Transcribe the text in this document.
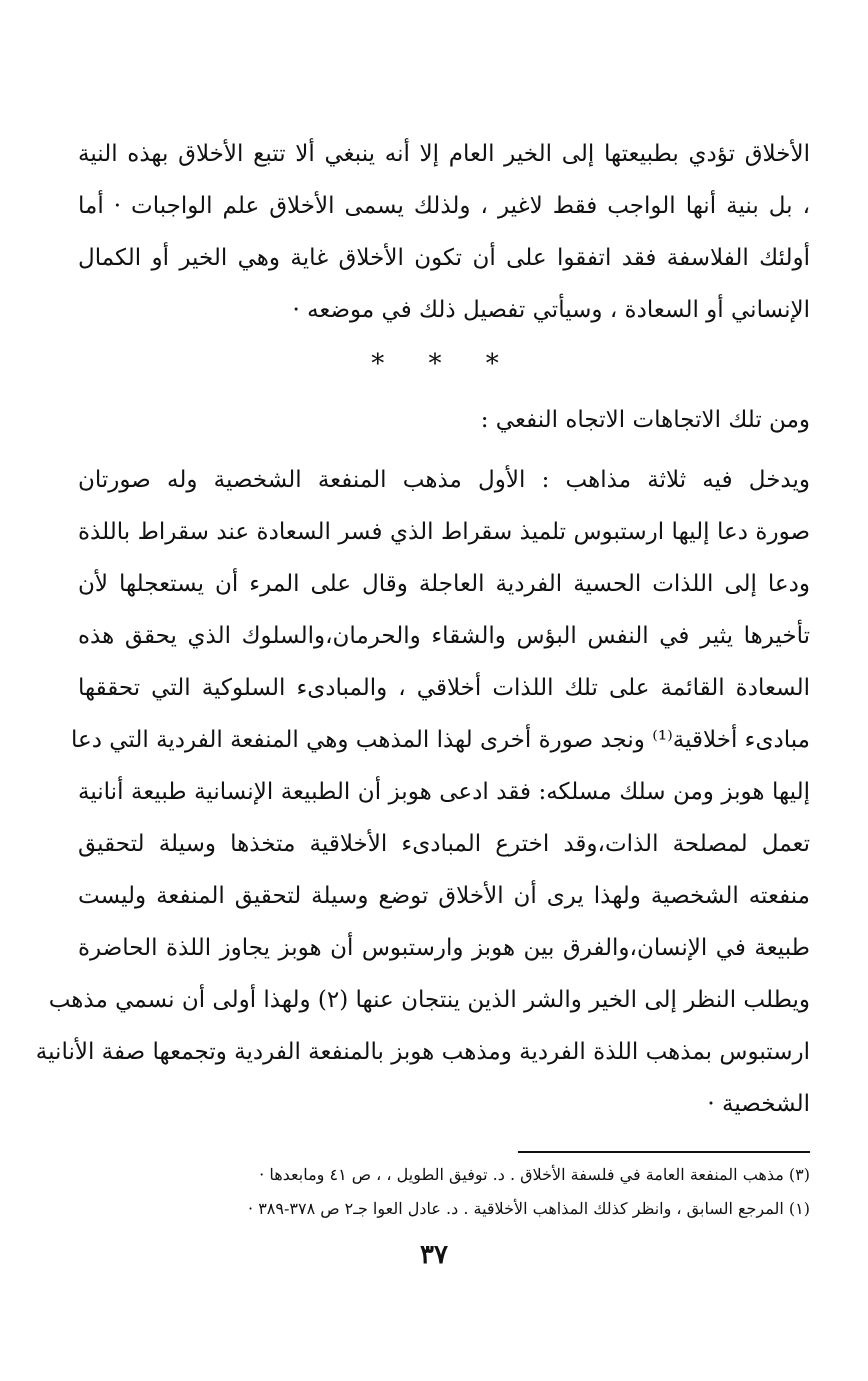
الأخلاق تؤدي بطبيعتها إلى الخير العام إلا أنه ينبغي ألا تتبع الأخلاق بهذه النية
، بل بنية أنها الواجب فقط لاغير ، ولذلك يسمى الأخلاق علم الواجبات · أما
أولئك الفلاسفة فقد اتفقوا على أن تكون الأخلاق غاية وهي الخير أو الكمال
الإنساني أو السعادة ، وسيأتي تفصيل ذلك في موضعه ·
* * *
ومن تلك الاتجاهات الاتجاه النفعي :
ويدخل فيه ثلاثة مذاهب : الأول مذهب المنفعة الشخصية وله صورتان
صورة دعا إليها ارستبوس تلميذ سقراط الذي فسر السعادة عند سقراط باللذة
ودعا إلى اللذات الحسية الفردية العاجلة وقال على المرء أن يستعجلها لأن
تأخيرها يثير في النفس البؤس والشقاء والحرمان،والسلوك الذي يحقق هذه
السعادة القائمة على تلك اللذات أخلاقي ، والمبادىء السلوكية التي تحققها
مبادىء أخلاقية⁽¹⁾ ونجد صورة أخرى لهذا المذهب وهي المنفعة الفردية التي دعا
إليها هوبز ومن سلك مسلكه: فقد ادعى هوبز أن الطبيعة الإنسانية طبيعة أنانية
تعمل لمصلحة الذات،وقد اخترع المبادىء الأخلاقية متخذها وسيلة لتحقيق
منفعته الشخصية ولهذا يرى أن الأخلاق توضع وسيلة لتحقيق المنفعة وليست
طبيعة في الإنسان،والفرق بين هوبز وارستبوس أن هوبز يجاوز اللذة الحاضرة
ويطلب النظر إلى الخير والشر الذين ينتجان عنها (٢) ولهذا أولى أن نسمي مذهب
ارستبوس بمذهب اللذة الفردية ومذهب هوبز بالمنفعة الفردية وتجمعها صفة الأنانية
الشخصية ·
(٣) مذهب المنفعة العامة في فلسفة الأخلاق . د. توفيق الطويل ، ، ص ٤١ ومابعدها ·
(١) المرجع السابق ، وانظر كذلك المذاهب الأخلاقية . د. عادل العوا جـ٢ ص ٣٧٨-٣٨٩ ·
٣٧
